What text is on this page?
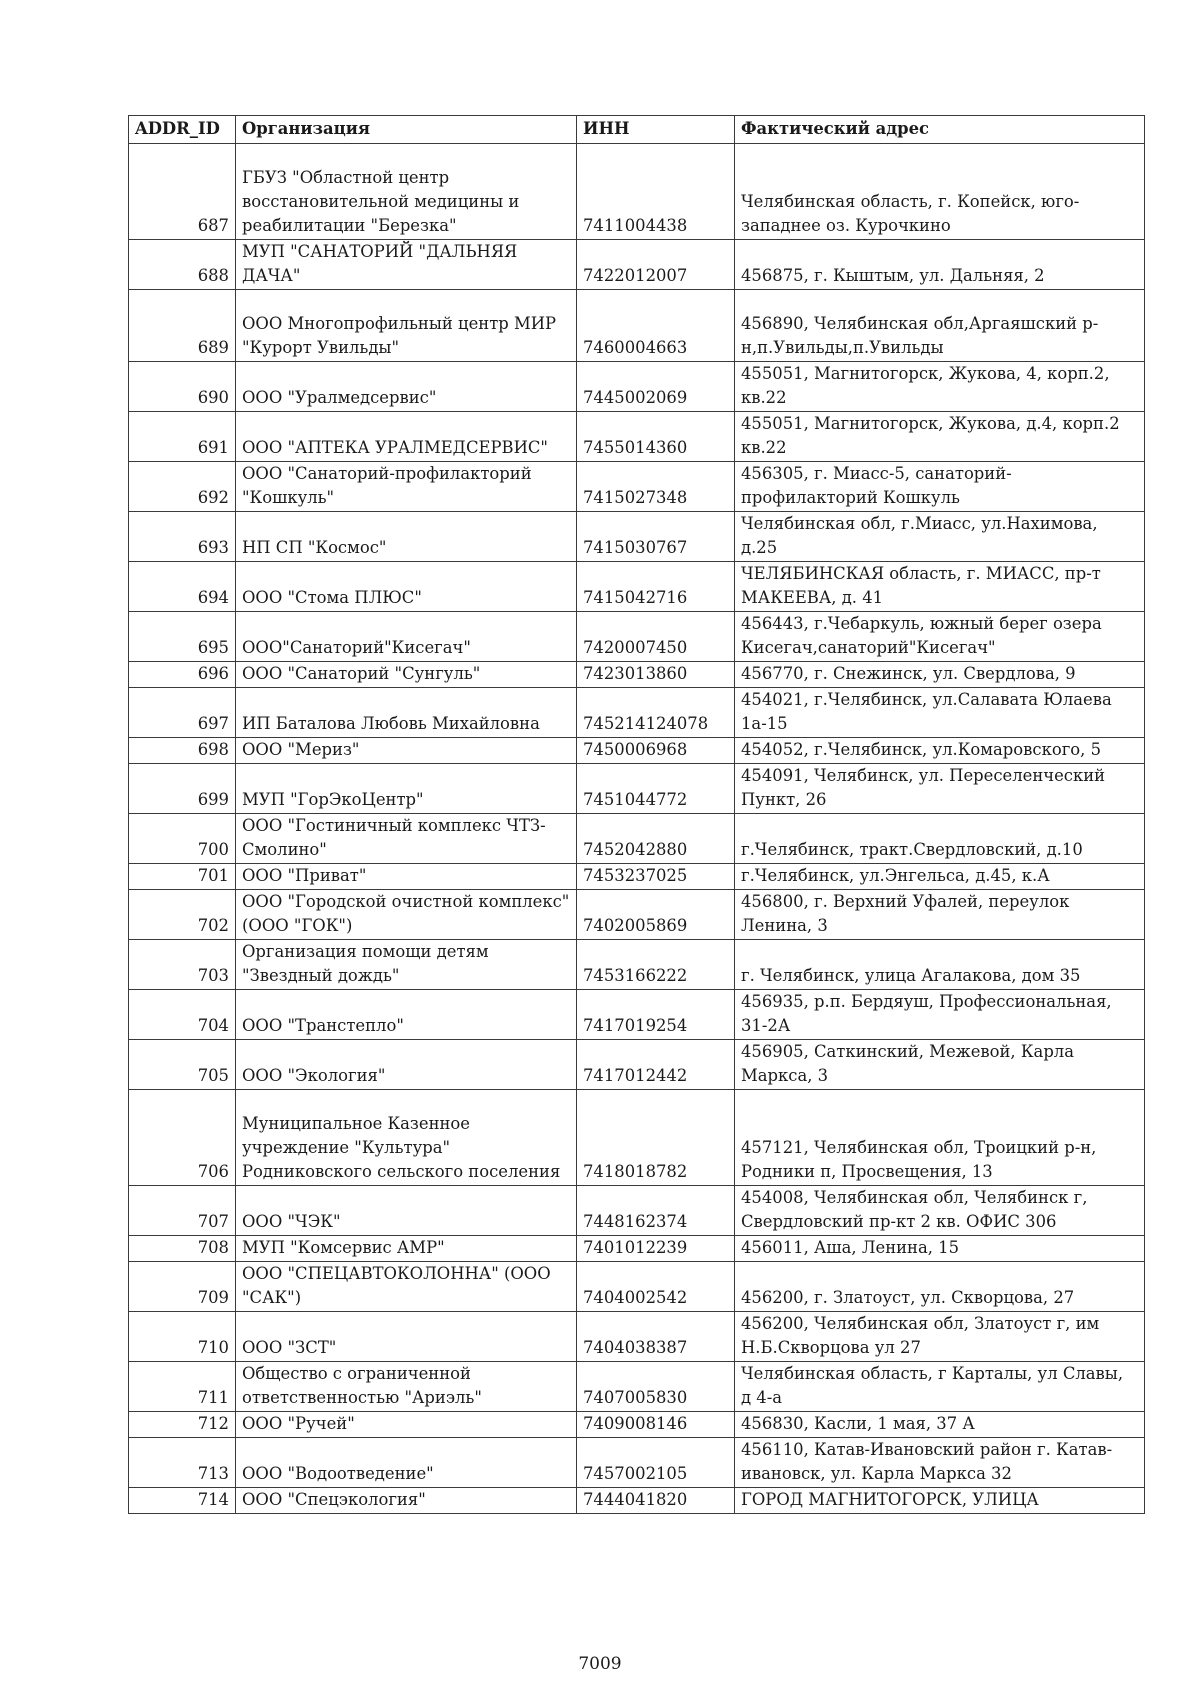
ADDR_ID	Организация	ИНН	Фактический адрес
687	ГБУЗ "Областной центр восстановительной медицины и реабилитации "Березка"	7411004438	Челябинская область, г. Копейск, юго-западнее оз. Курочкино
688	МУП "САНАТОРИЙ "ДАЛЬНЯЯ ДАЧА"	7422012007	456875, г. Кыштым, ул. Дальняя, 2
689	ООО Многопрофильный центр МИР "Курорт Увильды"	7460004663	456890, Челябинская обл,Аргаяшский р-н,п.Увильды,п.Увильды
690	ООО "Уралмедсервис"	7445002069	455051, Магнитогорск, Жукова, 4, корп.2, кв.22
691	ООО "АПТЕКА УРАЛМЕДСЕРВИС"	7455014360	455051, Магнитогорск, Жукова, д.4, корп.2 кв.22
692	ООО "Санаторий-профилакторий "Кошкуль"	7415027348	456305, г. Миасс-5, санаторий-профилакторий Кошкуль
693	НП СП "Космос"	7415030767	Челябинская обл, г.Миасс, ул.Нахимова, д.25
694	ООО "Стома ПЛЮС"	7415042716	ЧЕЛЯБИНСКАЯ область, г. МИАСС, пр-т МАКЕЕВА, д. 41
695	ООО"Санаторий"Кисегач"	7420007450	456443, г.Чебаркуль, южный берег озера Кисегач,санаторий"Кисегач"
696	ООО "Санаторий "Сунгуль"	7423013860	456770, г. Снежинск, ул. Свердлова, 9
697	ИП Баталова Любовь Михайловна	745214124078	454021, г.Челябинск, ул.Салавата Юлаева 1а-15
698	ООО "Мериз"	7450006968	454052, г.Челябинск, ул.Комаровского, 5
699	МУП "ГорЭкоЦентр"	7451044772	454091, Челябинск, ул. Переселенческий Пункт, 26
700	ООО "Гостиничный комплекс ЧТЗ-Смолино"	7452042880	г.Челябинск, тракт.Свердловский, д.10
701	ООО "Приват"	7453237025	г.Челябинск, ул.Энгельса, д.45, к.А
702	ООО "Городской очистной комплекс" (ООО "ГОК")	7402005869	456800, г. Верхний Уфалей, переулок Ленина, 3
703	Организация помощи детям "Звездный дождь"	7453166222	г. Челябинск, улица Агалакова, дом 35
704	ООО "Транстепло"	7417019254	456935, р.п. Бердяуш, Профессиональная, 31-2А
705	ООО "Экология"	7417012442	456905, Саткинский, Межевой, Карла Маркса, 3
706	Муниципальное Казенное учреждение "Культура" Родниковского сельского поселения	7418018782	457121, Челябинская обл, Троицкий р-н, Родники п, Просвещения, 13
707	ООО "ЧЭК"	7448162374	454008, Челябинская обл, Челябинск г, Свердловский пр-кт 2 кв. ОФИС 306
708	МУП "Комсервис АМР"	7401012239	456011, Аша, Ленина, 15
709	ООО "СПЕЦАВТОКОЛОННА" (ООО "САК")	7404002542	456200, г. Златоуст, ул. Скворцова, 27
710	ООО "ЗСТ"	7404038387	456200, Челябинская обл, Златоуст г, им Н.Б.Скворцова ул 27
711	Общество с ограниченной ответственностью "Ариэль"	7407005830	Челябинская область, г Карталы, ул Славы, д 4-а
712	ООО "Ручей"	7409008146	456830, Касли, 1 мая, 37 А
713	ООО "Водоотведение"	7457002105	456110, Катав-Ивановский район г. Катав-ивановск, ул. Карла Маркса 32
714	ООО "Спецэкология"	7444041820	ГОРОД МАГНИТОГОРСК, УЛИЦА
7009
